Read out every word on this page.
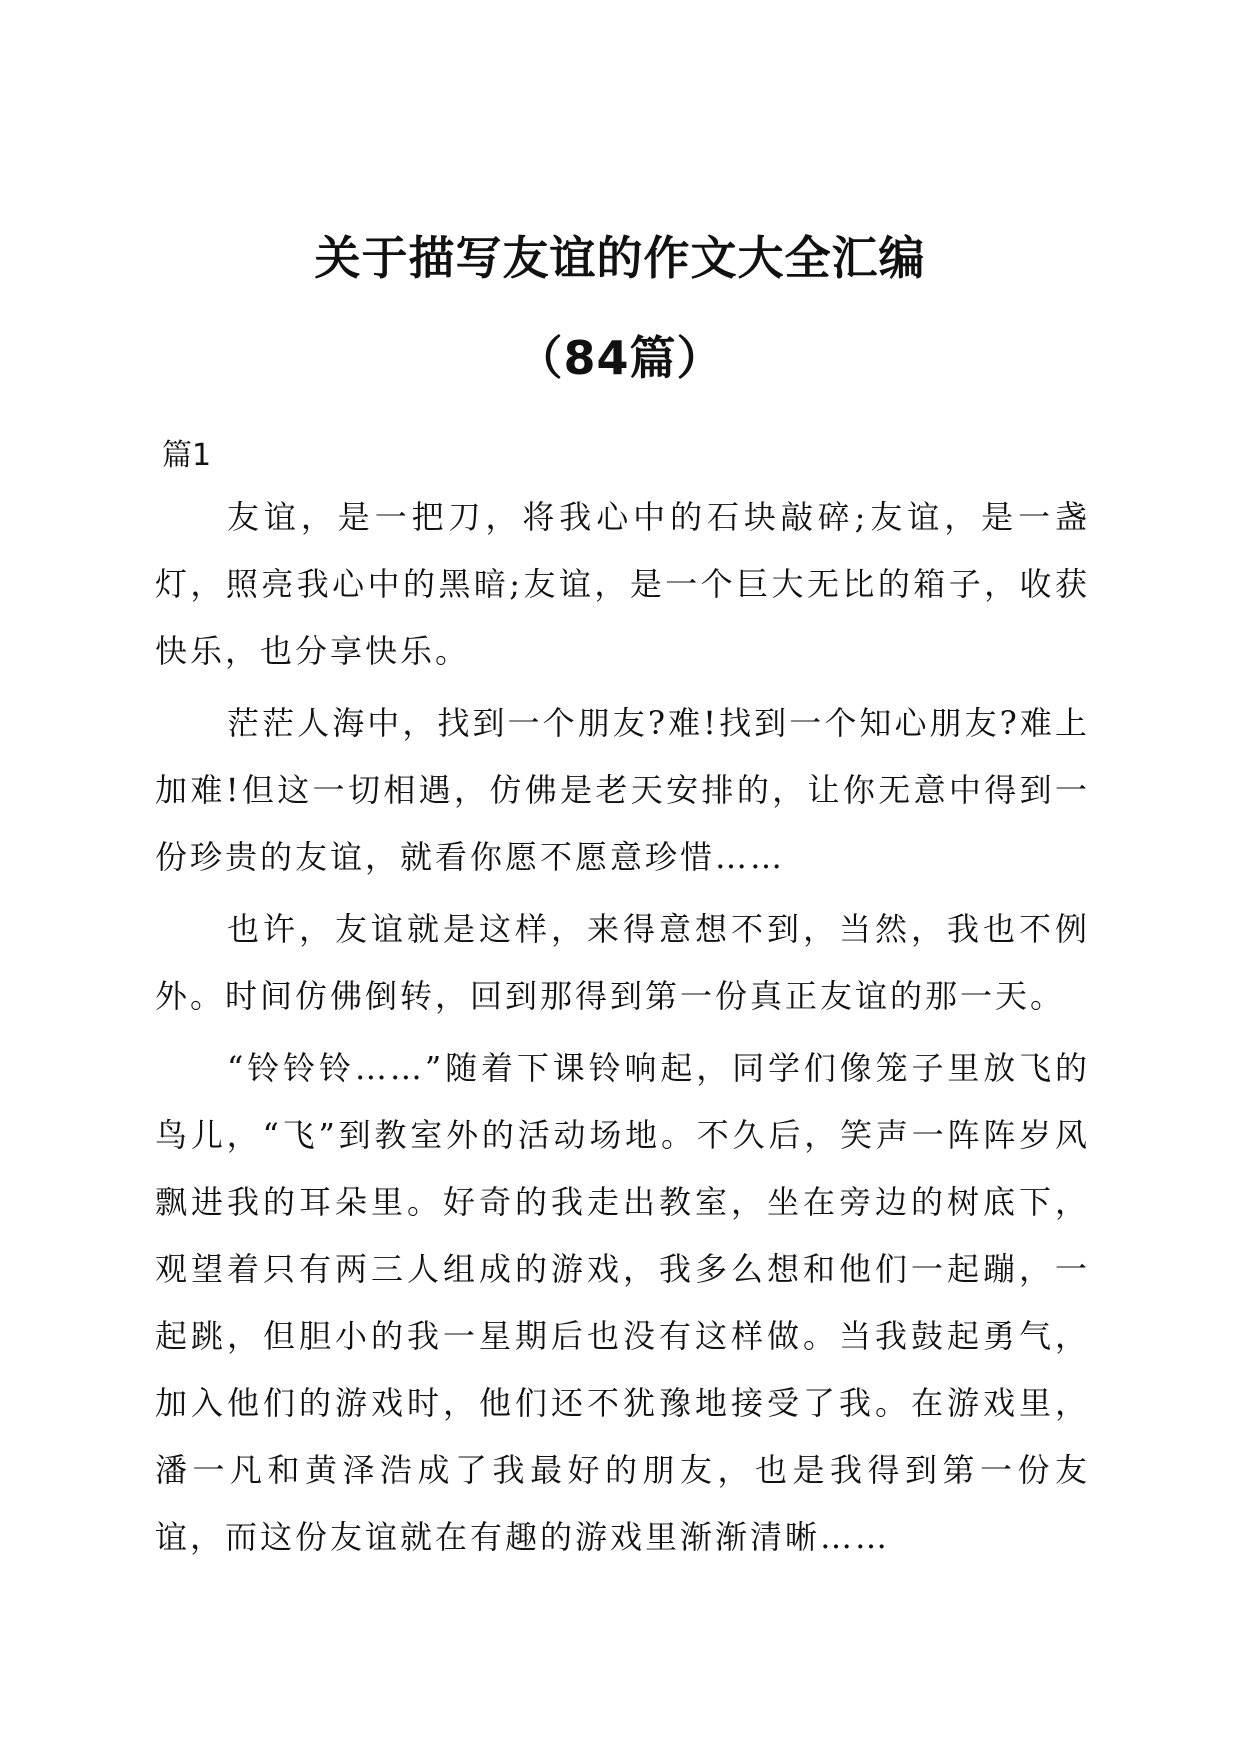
关于描写友谊的作文大全汇编
（84篇）

篇1

友谊，是一把刀，将我心中的石块敲碎;友谊，是一盏灯，照亮我心中的黑暗;友谊，是一个巨大无比的箱子，收获快乐，也分享快乐。

茫茫人海中，找到一个朋友?难!找到一个知心朋友?难上加难!但这一切相遇，仿佛是老天安排的，让你无意中得到一份珍贵的友谊，就看你愿不愿意珍惜……

也许，友谊就是这样，来得意想不到，当然，我也不例外。时间仿佛倒转，回到那得到第一份真正友谊的那一天。

“铃铃铃……”随着下课铃响起，同学们像笼子里放飞的鸟儿，“飞”到教室外的活动场地。不久后，笑声一阵阵岁风飘进我的耳朵里。好奇的我走出教室，坐在旁边的树底下，观望着只有两三人组成的游戏，我多么想和他们一起蹦，一起跳，但胆小的我一星期后也没有这样做。当我鼓起勇气，加入他们的游戏时，他们还不犹豫地接受了我。在游戏里，潘一凡和黄泽浩成了我最好的朋友，也是我得到第一份友谊，而这份友谊就在有趣的游戏里渐渐清晰……
